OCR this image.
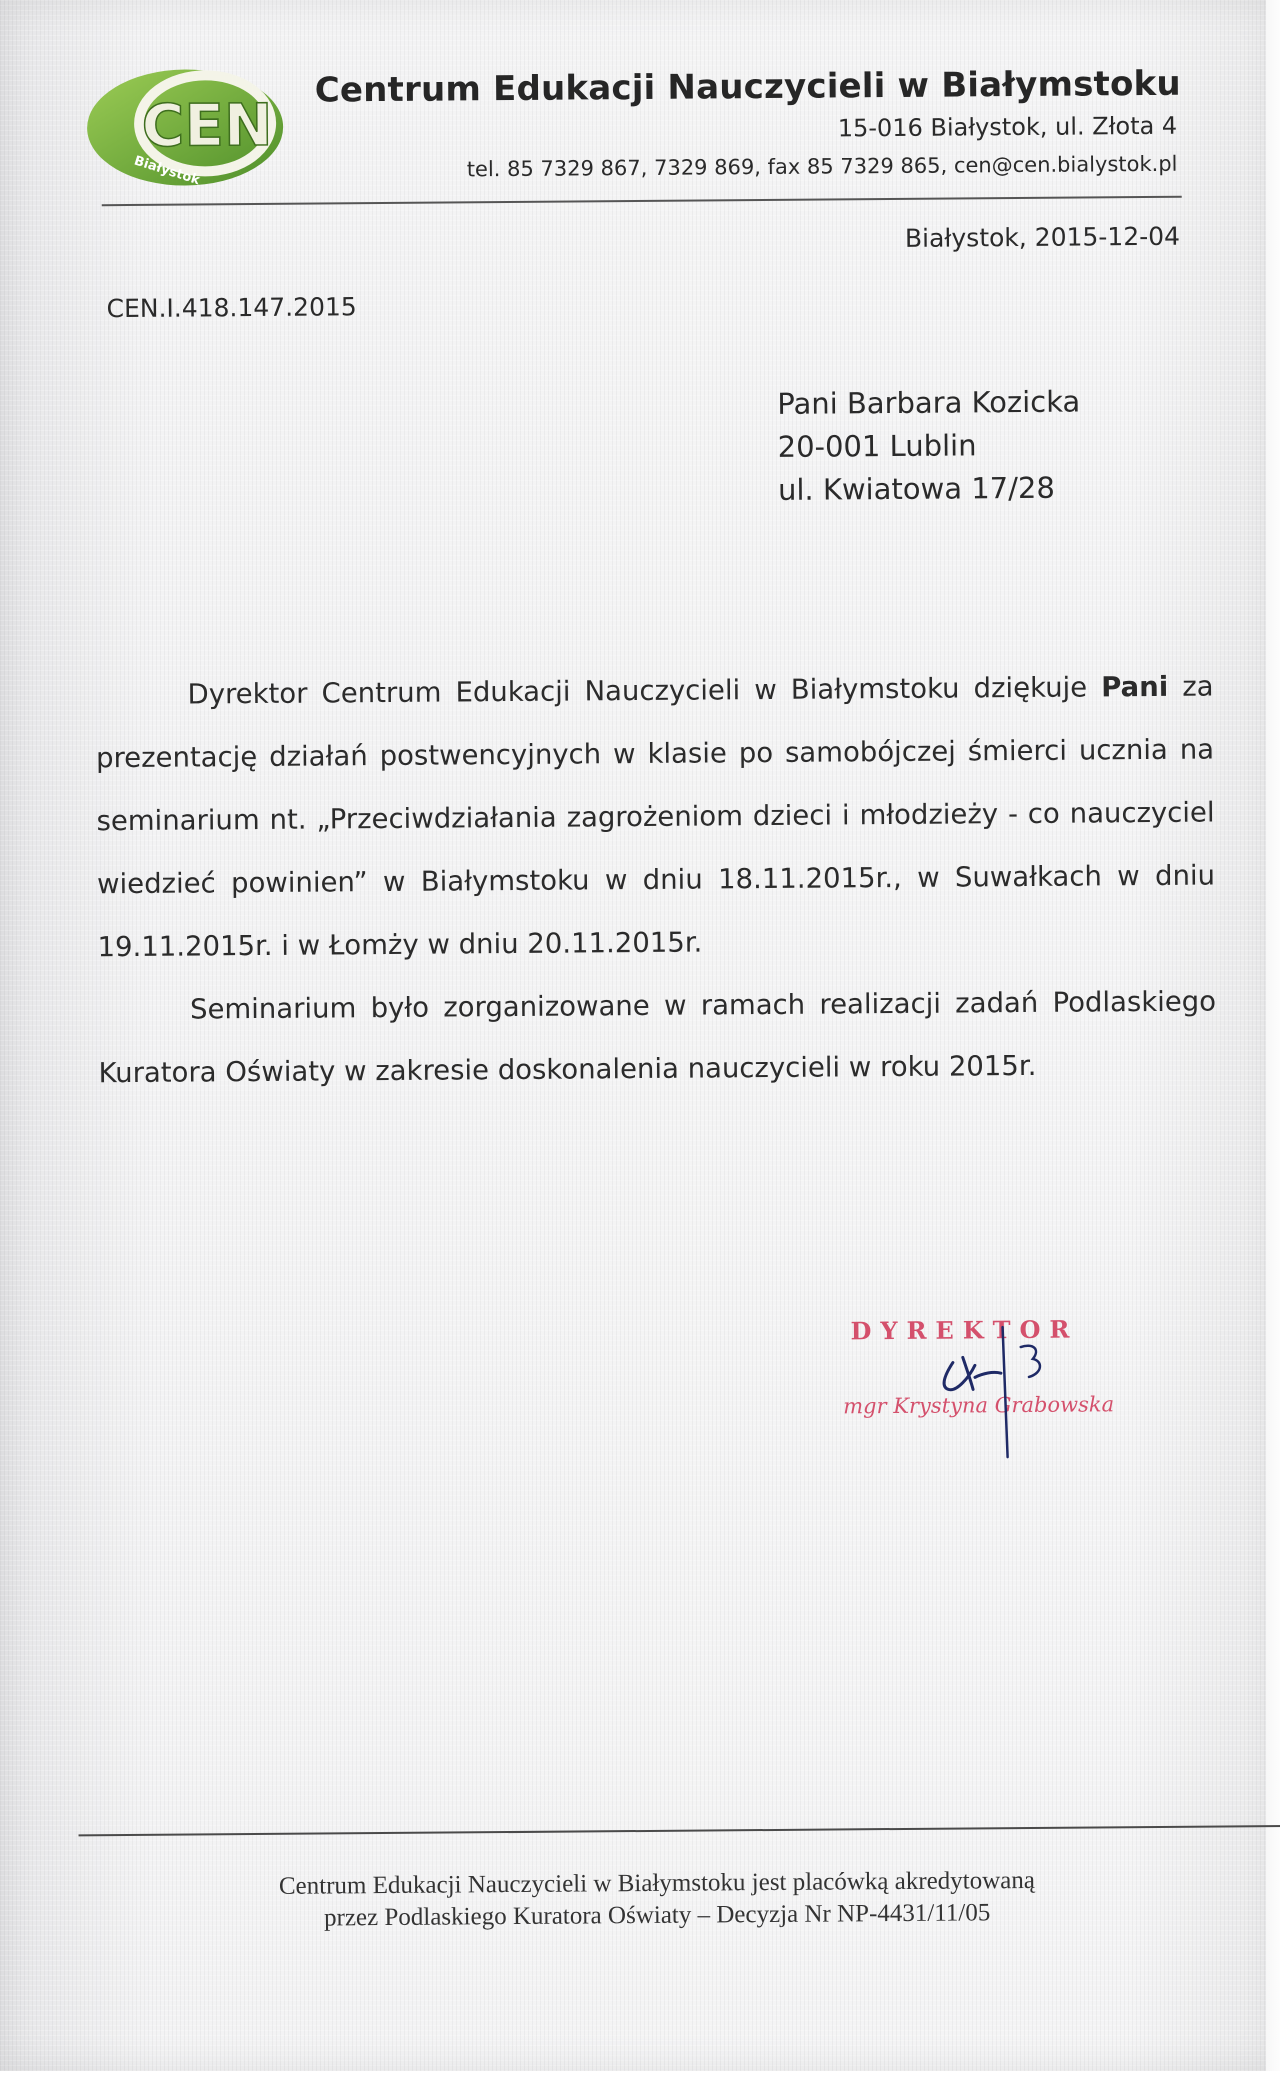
CEN
Białystok
Centrum Edukacji Nauczycieli w Białymstoku
15-016 Białystok, ul. Złota 4
tel. 85 7329 867, 7329 869, fax 85 7329 865, cen@cen.bialystok.pl
Białystok, 2015-12-04
CEN.I.418.147.2015
Pani Barbara Kozicka
20-001 Lublin
ul. Kwiatowa 17/28

Dyrektor Centrum Edukacji Nauczycieli w Białymstoku dziękuje Pani za prezentację działań postwencyjnych w klasie po samobójczej śmierci ucznia na seminarium nt. „Przeciwdziałania zagrożeniom dzieci i młodzieży - co nauczyciel wiedzieć powinien” w Białymstoku w dniu 18.11.2015r., w Suwałkach w dniu 19.11.2015r. i w Łomży w dniu 20.11.2015r.

Seminarium było zorganizowane w ramach realizacji zadań Podlaskiego Kuratora Oświaty w zakresie doskonalenia nauczycieli w roku 2015r.

DYREKTOR
mgr Krystyna Grabowska
Centrum Edukacji Nauczycieli w Białymstoku jest placówką akredytowaną
przez Podlaskiego Kuratora Oświaty – Decyzja Nr NP-4431/11/05
